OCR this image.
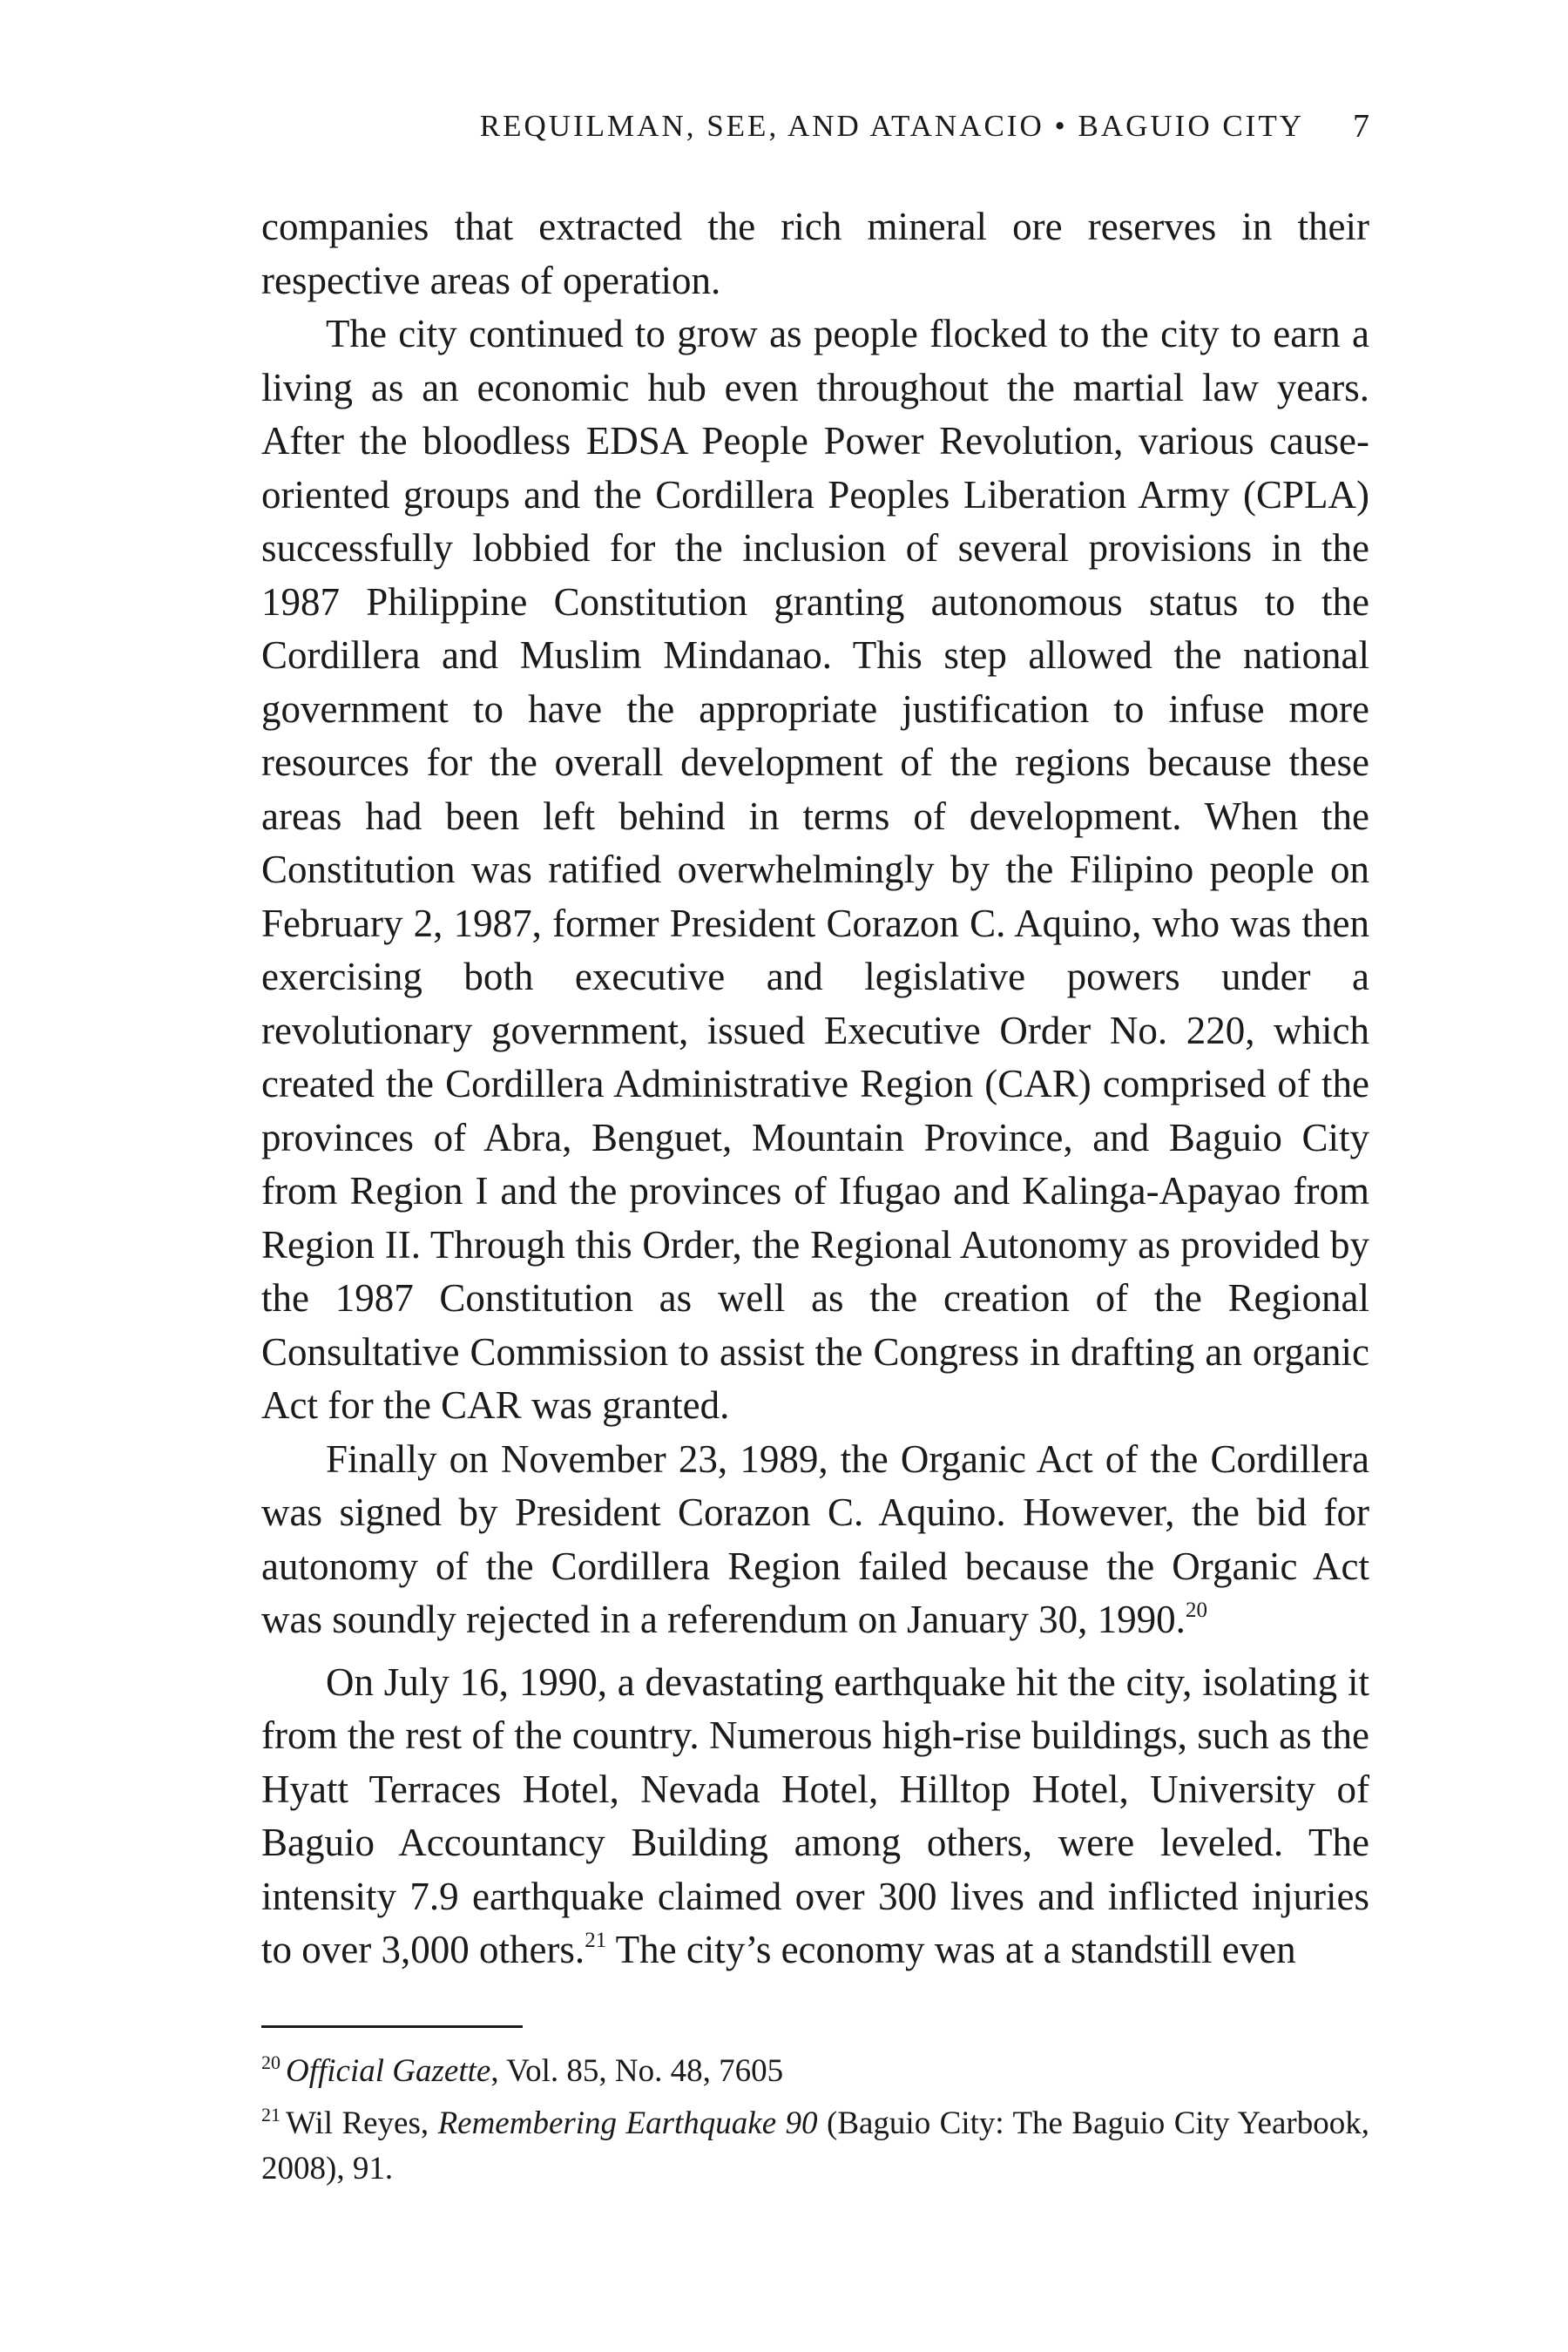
REQUILMAN, SEE, AND ATANACIO • BAGUIO CITY 7

companies that extracted the rich mineral ore reserves in their respective areas of operation.

The city continued to grow as people flocked to the city to earn a living as an economic hub even throughout the martial law years. After the bloodless EDSA People Power Revolution, various cause-oriented groups and the Cordillera Peoples Liberation Army (CPLA) successfully lobbied for the inclusion of several provisions in the 1987 Philippine Constitution granting autonomous status to the Cordillera and Muslim Mindanao. This step allowed the national government to have the appropriate justification to infuse more resources for the overall development of the regions because these areas had been left behind in terms of development. When the Constitution was ratified overwhelmingly by the Filipino people on February 2, 1987, former President Corazon C. Aquino, who was then exercising both executive and legislative powers under a revolutionary government, issued Executive Order No. 220, which created the Cordillera Administrative Region (CAR) comprised of the provinces of Abra, Benguet, Mountain Province, and Baguio City from Region I and the provinces of Ifugao and Kalinga-Apayao from Region II. Through this Order, the Regional Autonomy as provided by the 1987 Constitution as well as the creation of the Regional Consultative Commission to assist the Congress in drafting an organic Act for the CAR was granted.

Finally on November 23, 1989, the Organic Act of the Cordillera was signed by President Corazon C. Aquino. However, the bid for autonomy of the Cordillera Region failed because the Organic Act was soundly rejected in a referendum on January 30, 1990.20

On July 16, 1990, a devastating earthquake hit the city, isolating it from the rest of the country. Numerous high-rise buildings, such as the Hyatt Terraces Hotel, Nevada Hotel, Hilltop Hotel, University of Baguio Accountancy Building among others, were leveled. The intensity 7.9 earthquake claimed over 300 lives and inflicted injuries to over 3,000 others.$^{21}$ The city’s economy was at a standstill even

$^{20}$ Official Gazette, Vol. 85, No. 48, 7605

$^{21}$ Wil Reyes, Remembering Earthquake 90 (Baguio City: The Baguio City Yearbook, 2008), 91.
